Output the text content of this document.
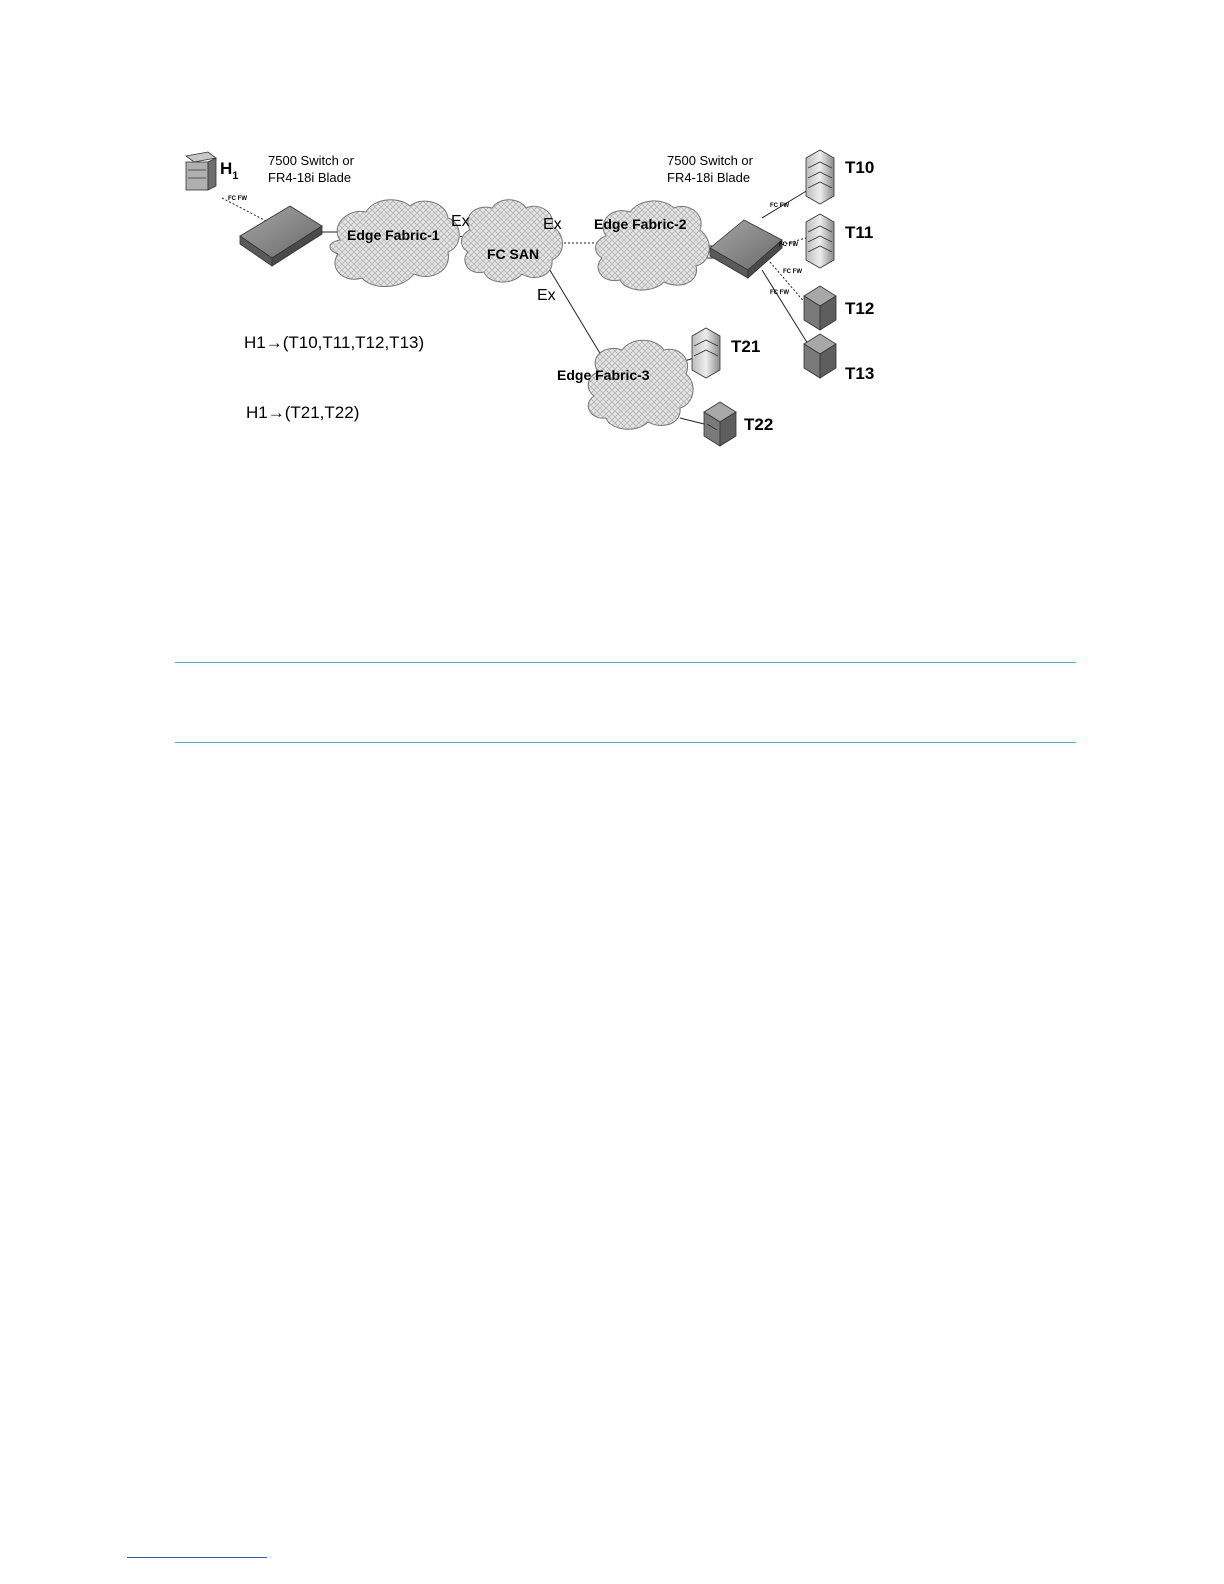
7500 Switch or
FR4-18i Blade
7500 Switch or
FR4-18i Blade
$H_1$
FC FW
FC FW
FC FW
FC FW
FC FW
Edge Fabric-1
FC SAN
Edge Fabric-2
Edge Fabric-3
Ex	Ex
Ex
T10
T11
T12
T13
T21
T22
H1→(T10,T11,T12,T13)
H1→(T21,T22)
